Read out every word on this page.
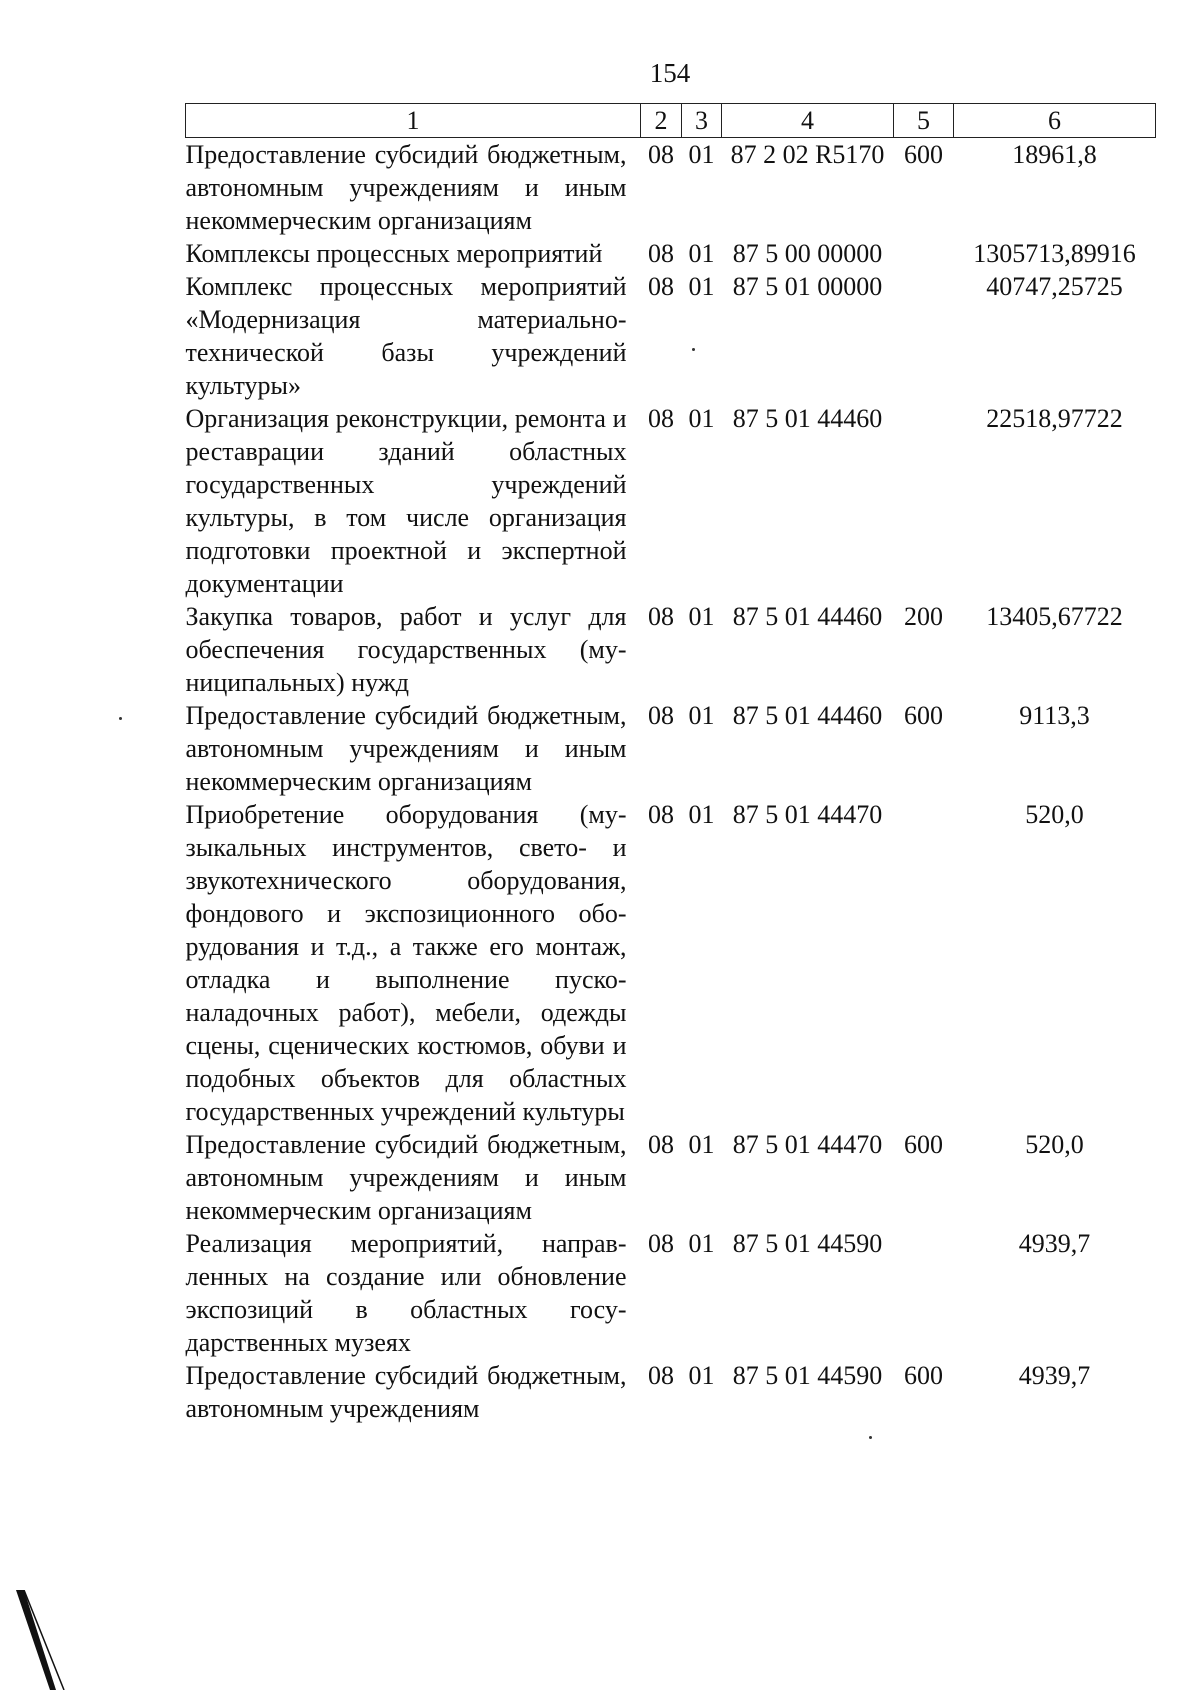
154
1	2	3	4	5	6
Предоставление субсидий бюджетным, автономным учреждениям и иным некоммерческим организациям	08	01	87 2 02 R5170	600	18961,8
Комплексы процессных мероприятий	08	01	87 5 00 00000		1305713,89916
Комплекс процессных мероприятий «Модернизация материально-технической базы учреждений культуры»	08	01	87 5 01 00000		40747,25725
Организация реконструкции, ремонта и реставрации зданий областных государственных учреждений культуры, в том числе организация подготовки проектной и экспертной документации	08	01	87 5 01 44460		22518,97722
Закупка товаров, работ и услуг для обеспечения государственных (муниципальных) нужд	08	01	87 5 01 44460	200	13405,67722
Предоставление субсидий бюджетным, автономным учреждениям и иным некоммерческим организациям	08	01	87 5 01 44460	600	9113,3
Приобретение оборудования (музыкальных инструментов, свето- и звукотехнического оборудования, фондового и экспозиционного оборудования и т.д., а также его монтаж, отладка и выполнение пусконаладочных работ), мебели, одежды сцены, сценических костюмов, обуви и подобных объектов для областных государственных учреждений культуры	08	01	87 5 01 44470		520,0
Предоставление субсидий бюджетным, автономным учреждениям и иным некоммерческим организациям	08	01	87 5 01 44470	600	520,0
Реализация мероприятий, направленных на создание или обновление экспозиций в областных государственных музеях	08	01	87 5 01 44590		4939,7
Предоставление субсидий бюджетным, автономным учреждениям	08	01	87 5 01 44590	600	4939,7
